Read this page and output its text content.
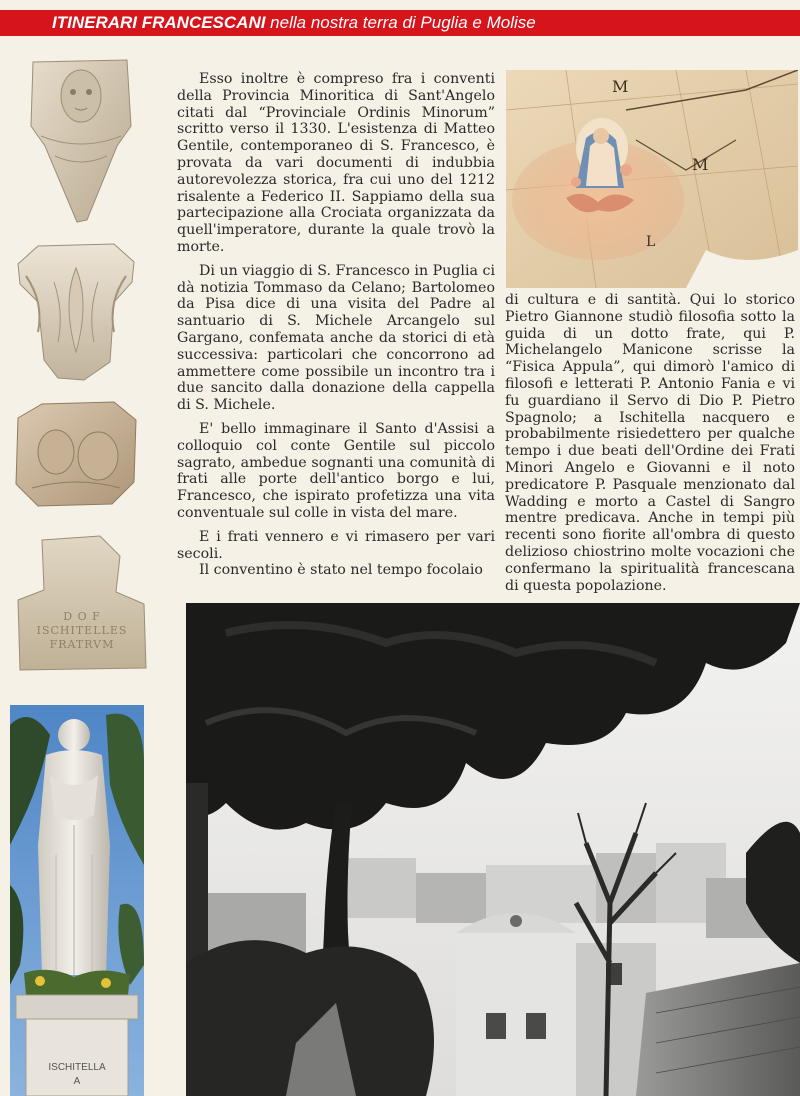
ITINERARI FRANCESCANI nella nostra terra di Puglia e Molise
D O F
ISCHITELLES
FRATRVM
M
M
L

Esso inoltre è compreso fra i conventi della Provincia Minoritica di Sant'Angelo citati dal “Provinciale Ordinis Minorum” scritto verso il 1330. L'esistenza di Matteo Gentile, contemporaneo di S. Francesco, è provata da vari documenti di indubbia autorevolezza storica, fra cui uno del 1212 risalente a Federico II. Sappiamo della sua partecipazione alla Crociata organizzata da quell'imperatore, durante la quale trovò la morte.

Di un viaggio di S. Francesco in Puglia ci dà notizia Tommaso da Celano; Bartolomeo da Pisa dice di una visita del Padre al santuario di S. Michele Arcangelo sul Gargano, confemata anche da storici di età successiva: particolari che concorrono ad ammettere come possibile un incontro tra i due sancito dalla donazione della cappella di S. Michele.

E' bello immaginare il Santo d'Assisi a colloquio col conte Gentile sul piccolo sagrato, ambedue sognanti una comunità di frati alle porte dell'antico borgo e lui, Francesco, che ispirato profetizza una vita conventuale sul colle in vista del mare.

E i frati vennero e vi rimasero per vari secoli.

Il conventino è stato nel tempo focolaio

di cultura e di santità. Qui lo storico Pietro Giannone studiò filosofia sotto la guida di un dotto frate, qui P. Michelangelo Manicone scrisse la “Fisica Appula”, qui dimorò l'amico di filosofi e letterati P. Antonio Fania e vi fu guardiano il Servo di Dio P. Pietro Spagnolo; a Ischitella nacquero e probabilmente risiedettero per qualche tempo i due beati dell'Ordine dei Frati Minori Angelo e Giovanni e il noto predicatore P. Pasquale menzionato dal Wadding e morto a Castel di Sangro mentre predicava. Anche in tempi più recenti sono fiorite all'ombra di questo delizioso chiostrino molte vocazioni che confermano la spiritualità francescana di questa popolazione.

ISCHITELLA
A
